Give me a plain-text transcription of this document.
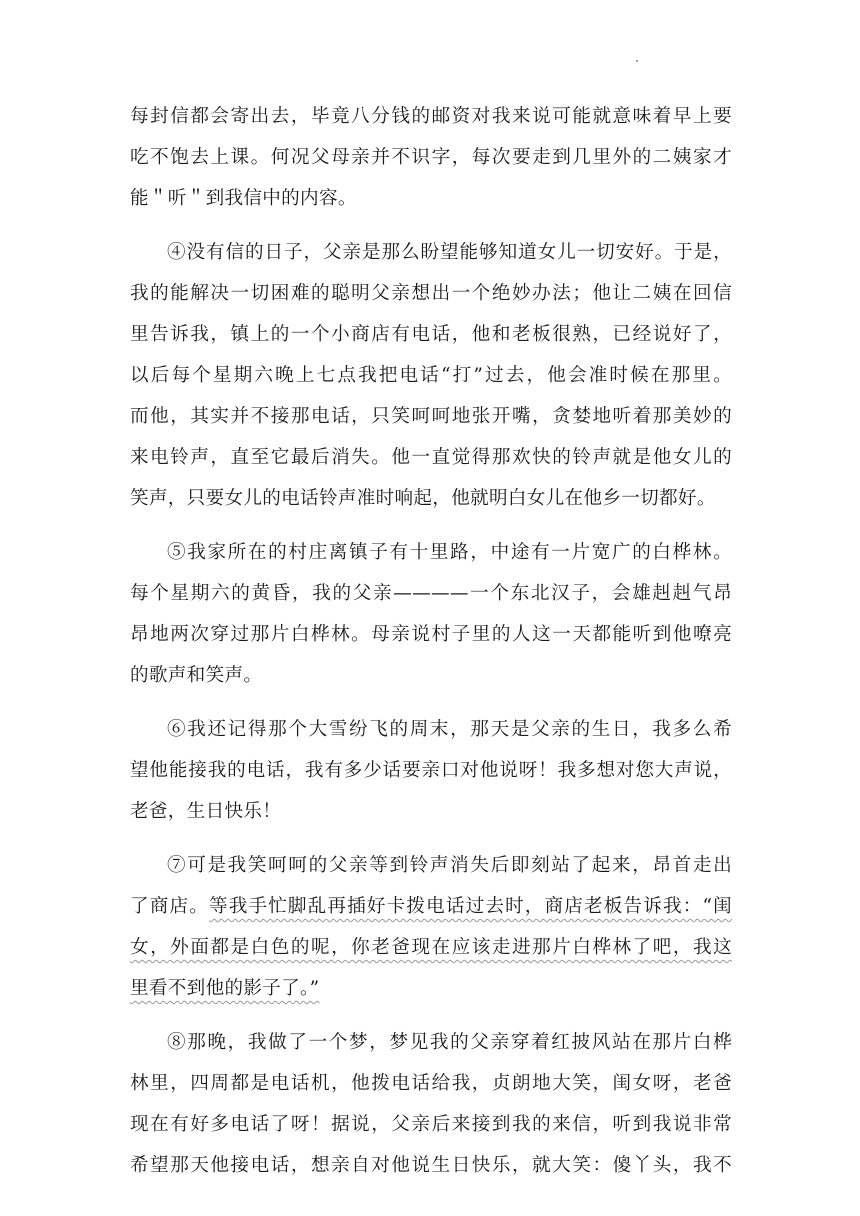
每封信都会寄出去，毕竟八分钱的邮资对我来说可能就意味着早上要

吃不饱去上课。何况父母亲并不识字，每次要走到几里外的二姨家才

能＂听＂到我信中的内容。

④没有信的日子，父亲是那么盼望能够知道女儿一切安好。于是，

我的能解决一切困难的聪明父亲想出一个绝妙办法；他让二姨在回信

里告诉我，镇上的一个小商店有电话，他和老板很熟，已经说好了，

以后每个星期六晚上七点我把电话“打”过去，他会准时候在那里。

而他，其实并不接那电话，只笑呵呵地张开嘴，贪婪地听着那美妙的

来电铃声，直至它最后消失。他一直觉得那欢快的铃声就是他女儿的

笑声，只要女儿的电话铃声准时响起，他就明白女儿在他乡一切都好。

⑤我家所在的村庄离镇子有十里路，中途有一片宽广的白桦林。

每个星期六的黄昏，我的父亲————一个东北汉子，会雄赳赳气昂

昂地两次穿过那片白桦林。母亲说村子里的人这一天都能听到他嘹亮

的歌声和笑声。

⑥我还记得那个大雪纷飞的周末，那天是父亲的生日，我多么希

望他能接我的电话，我有多少话要亲口对他说呀！我多想对您大声说，

老爸，生日快乐！

⑦可是我笑呵呵的父亲等到铃声消失后即刻站了起来，昂首走出

了商店。等我手忙脚乱再插好卡拨电话过去时，商店老板告诉我：“闺

女，外面都是白色的呢，你老爸现在应该走进那片白桦林了吧，我这

里看不到他的影子了。”

⑧那晚，我做了一个梦，梦见我的父亲穿着红披风站在那片白桦

林里，四周都是电话机，他拨电话给我，贞朗地大笑，闺女呀，老爸

现在有好多电话了呀！据说，父亲后来接到我的来信，听到我说非常

希望那天他接电话，想亲自对他说生日快乐，就大笑：傻丫头，我不
